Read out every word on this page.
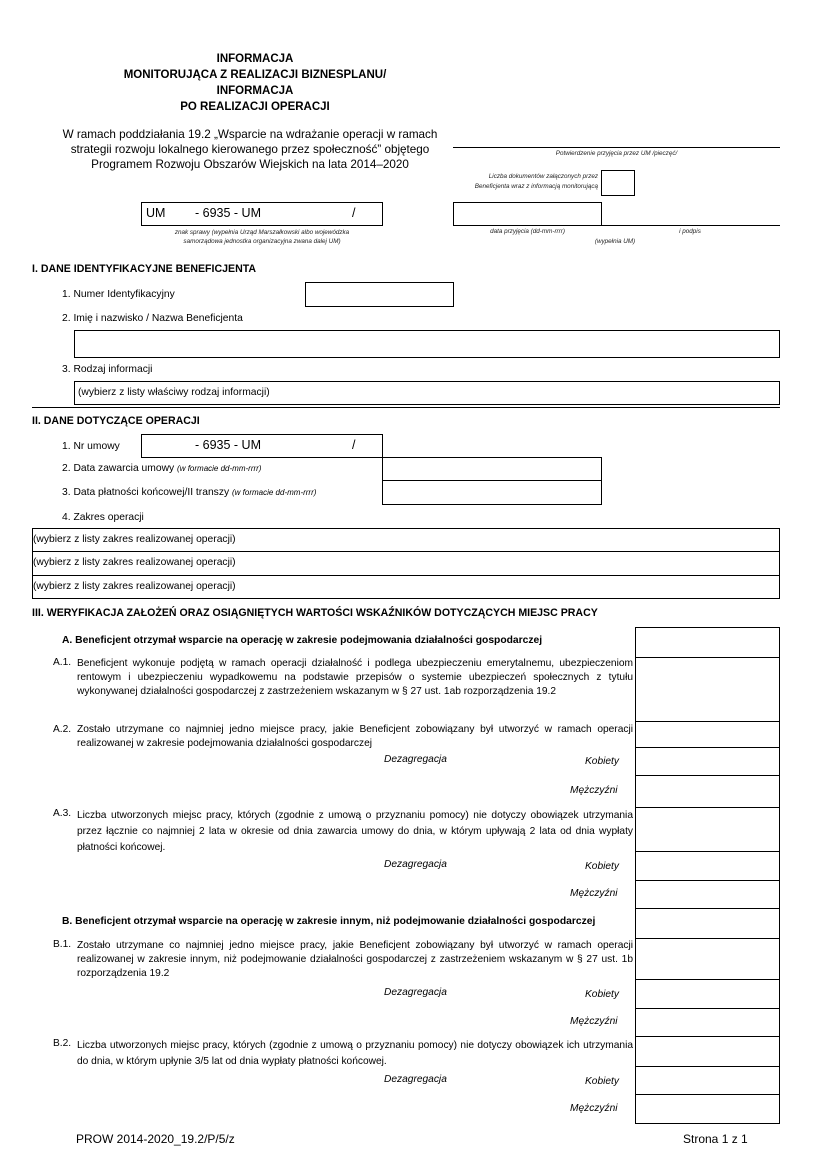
INFORMACJA
MONITORUJĄCA Z REALIZACJI BIZNESPLANU/
INFORMACJA
PO REALIZACJI OPERACJI
W ramach poddziałania 19.2 „Wsparcie na wdrażanie operacji w ramach
strategii rozwoju lokalnego kierowanego przez społeczność” objętego
Programem Rozwoju Obszarów Wiejskich na lata 2014–2020
Potwierdzenie przyjęcia przez UM /pieczęć/
Liczba dokumentów załączonych przez
Beneficjenta wraz z informacją monitorującą
UM - 6935 - UM	/
znak sprawy (wypełnia Urząd Marszałkowski albo wojewódzka
samorządowa jednostka organizacyjna zwana dalej UM)
data przyjęcia (dd-mm-rrrr)	i podpis
(wypełnia UM)
I. DANE IDENTYFIKACYJNE BENEFICJENTA
1. Numer Identyfikacyjny
2. Imię i nazwisko / Nazwa Beneficjenta
3. Rodzaj informacji
(wybierz z listy właściwy rodzaj informacji)
II. DANE DOTYCZĄCE OPERACJI
1. Nr umowy	- 6935 - UM	/
2. Data zawarcia umowy (w formacie dd-mm-rrrr)
3. Data płatności końcowej/II transzy (w formacie dd-mm-rrrr)
4. Zakres operacji
(wybierz z listy zakres realizowanej operacji)
(wybierz z listy zakres realizowanej operacji)
(wybierz z listy zakres realizowanej operacji)
III. WERYFIKACJA ZAŁOŻEŃ ORAZ OSIĄGNIĘTYCH WARTOŚCI WSKAŹNIKÓW DOTYCZĄCYCH MIEJSC PRACY
A. Beneficjent otrzymał wsparcie na operację w zakresie podejmowania działalności gospodarczej
A.1. Beneficjent wykonuje podjętą w ramach operacji działalność i podlega ubezpieczeniu emerytalnemu, ubezpieczeniom rentowym i ubezpieczeniu wypadkowemu na podstawie przepisów o systemie ubezpieczeń społecznych z tytułu wykonywanej działalności gospodarczej z zastrzeżeniem wskazanym w § 27 ust. 1ab rozporządzenia 19.2
A.2. Zostało utrzymane co najmniej jedno miejsce pracy, jakie Beneficjent zobowiązany był utworzyć w ramach operacji realizowanej w zakresie podejmowania działalności gospodarczej
Dezagregacja	Kobiety
Mężczyźni
A.3. Liczba utworzonych miejsc pracy, których (zgodnie z umową o przyznaniu pomocy) nie dotyczy obowiązek utrzymania przez łącznie co najmniej 2 lata w okresie od dnia zawarcia umowy do dnia, w którym upływają 2 lata od dnia wypłaty płatności końcowej.
Dezagregacja	Kobiety
Mężczyźni
B. Beneficjent otrzymał wsparcie na operację w zakresie innym, niż podejmowanie działalności gospodarczej
B.1. Zostało utrzymane co najmniej jedno miejsce pracy, jakie Beneficjent zobowiązany był utworzyć w ramach operacji realizowanej w zakresie innym, niż podejmowanie działalności gospodarczej z zastrzeżeniem wskazanym w § 27 ust. 1b rozporządzenia 19.2
Dezagregacja	Kobiety
Mężczyźni
B.2. Liczba utworzonych miejsc pracy, których (zgodnie z umową o przyznaniu pomocy) nie dotyczy obowiązek ich utrzymania do dnia, w którym upłynie 3/5 lat od dnia wypłaty płatności końcowej.
Dezagregacja	Kobiety
Mężczyźni
PROW 2014-2020_19.2/P/5/z	Strona 1 z 1
